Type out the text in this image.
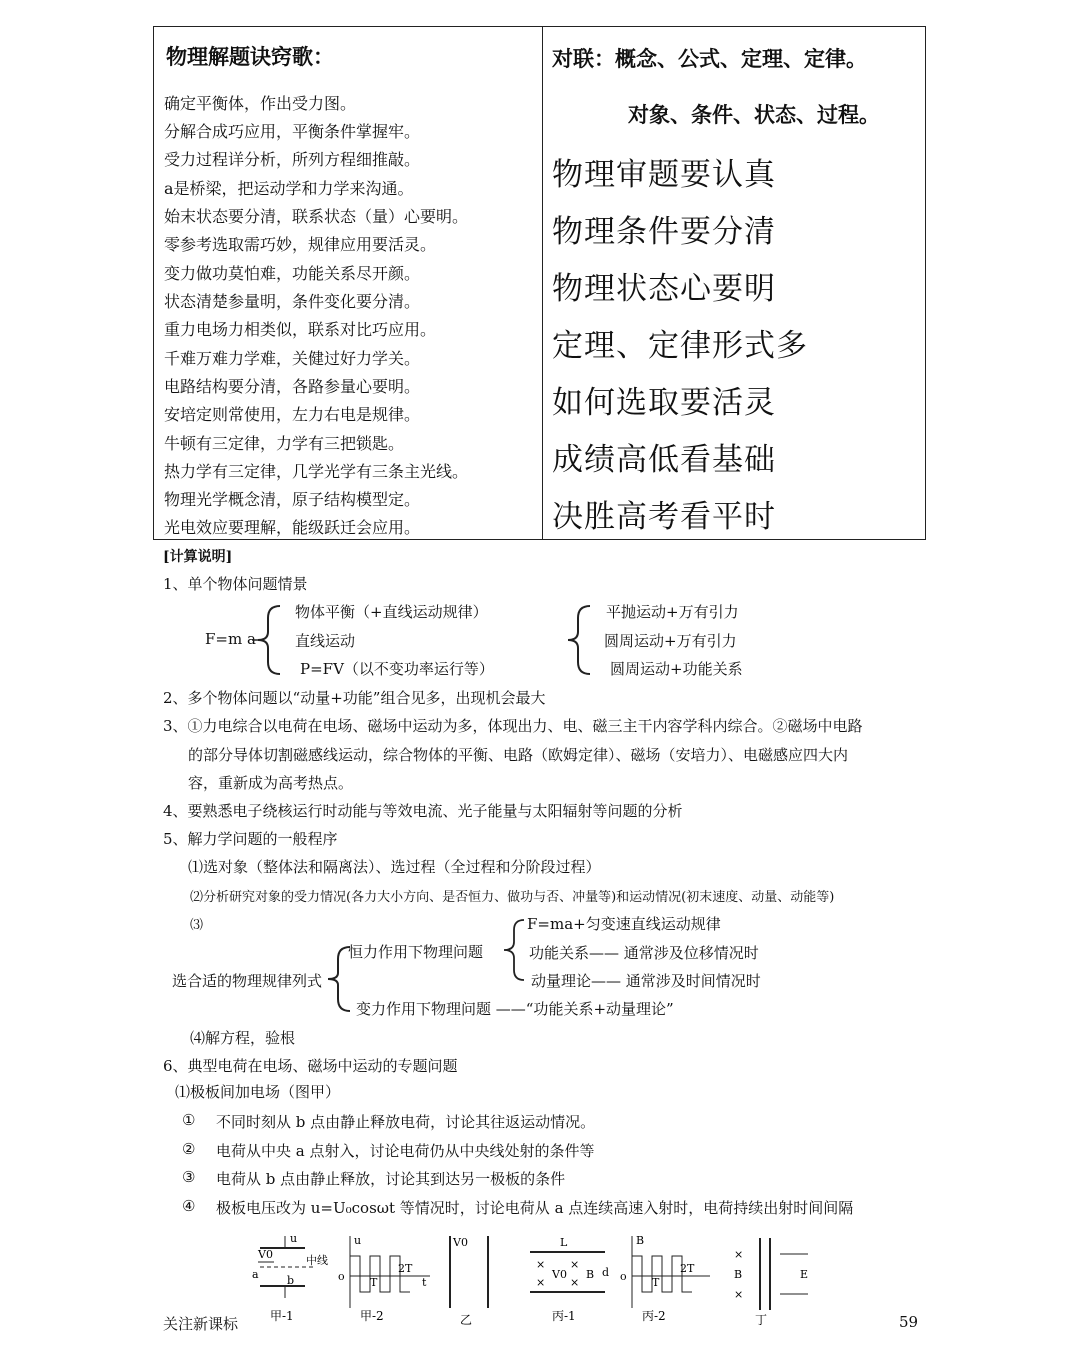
物理解题诀窍歌：
确定平衡体，作出受力图。
分解合成巧应用，平衡条件掌握牢。
受力过程详分析，所列方程细推敲。
a是桥梁，把运动学和力学来沟通。
始末状态要分清，联系状态（量）心要明。
零参考选取需巧妙，规律应用要活灵。
变力做功莫怕难，功能关系尽开颜。
状态清楚参量明，条件变化要分清。
重力电场力相类似，联系对比巧应用。
千难万难力学难，关健过好力学关。
电路结构要分清，各路参量心要明。
安培定则常使用，左力右电是规律。
牛顿有三定律，力学有三把锁匙。
热力学有三定律，几学光学有三条主光线。
物理光学概念清，原子结构模型定。
光电效应要理解，能级跃迁会应用。
对联：概念、公式、定理、定律。
对象、条件、状态、过程。
物理审题要认真
物理条件要分清
物理状态心要明
定理、定律形式多
如何选取要活灵
成绩高低看基础
决胜高考看平时
[计算说明]
1、单个物体问题情景
F=m a
物体平衡（+直线运动规律）
直线运动
P=FV（以不变功率运行等）
平抛运动+万有引力
圆周运动+万有引力
圆周运动+功能关系
2、多个物体问题以“动量+功能”组合见多，出现机会最大
3、①力电综合以电荷在电场、磁场中运动为多，体现出力、电、磁三主干内容学科内综合。②磁场中电路
的部分导体切割磁感线运动，综合物体的平衡、电路（欧姆定律）、磁场（安培力）、电磁感应四大内
容，重新成为高考热点。
4、要熟悉电子绕核运行时动能与等效电流、光子能量与太阳辐射等问题的分析
5、解力学问题的一般程序
⑴选对象（整体法和隔离法）、选过程（全过程和分阶段过程）
⑵分析研究对象的受力情况(各力大小方向、是否恒力、做功与否、冲量等)和运动情况(初末速度、动量、动能等)
⑶
选合适的物理规律列式
恒力作用下物理问题
F=ma+匀变速直线运动规律
功能关系—— 通常涉及位移情况时
动量理论—— 通常涉及时间情况时
变力作用下物理问题 ——“功能关系+动量理论”
⑷解方程，验根
6、典型电荷在电场、磁场中运动的专题问题
⑴极板间加电场（图甲）
① 不同时刻从 b 点由静止释放电荷，讨论其往返运动情况。
② 电荷从中央 a 点射入，讨论电荷仍从中央线处射的条件等
③ 电荷从 b 点由静止释放，讨论其到达另一极板的条件
④ 极板电压改为 u=U₀cosωt 等情况时，讨论电荷从 a 点连续高速入射时，电荷持续出射时间间隔
u
V0
a	b
中线
甲-1
u
o T
2T
t
甲-2
V0
乙
L
× ×
× ×
V0 B d
丙-1
B
o T
2T
丙-2
×
×
B	E
丁
关注新课标	59
